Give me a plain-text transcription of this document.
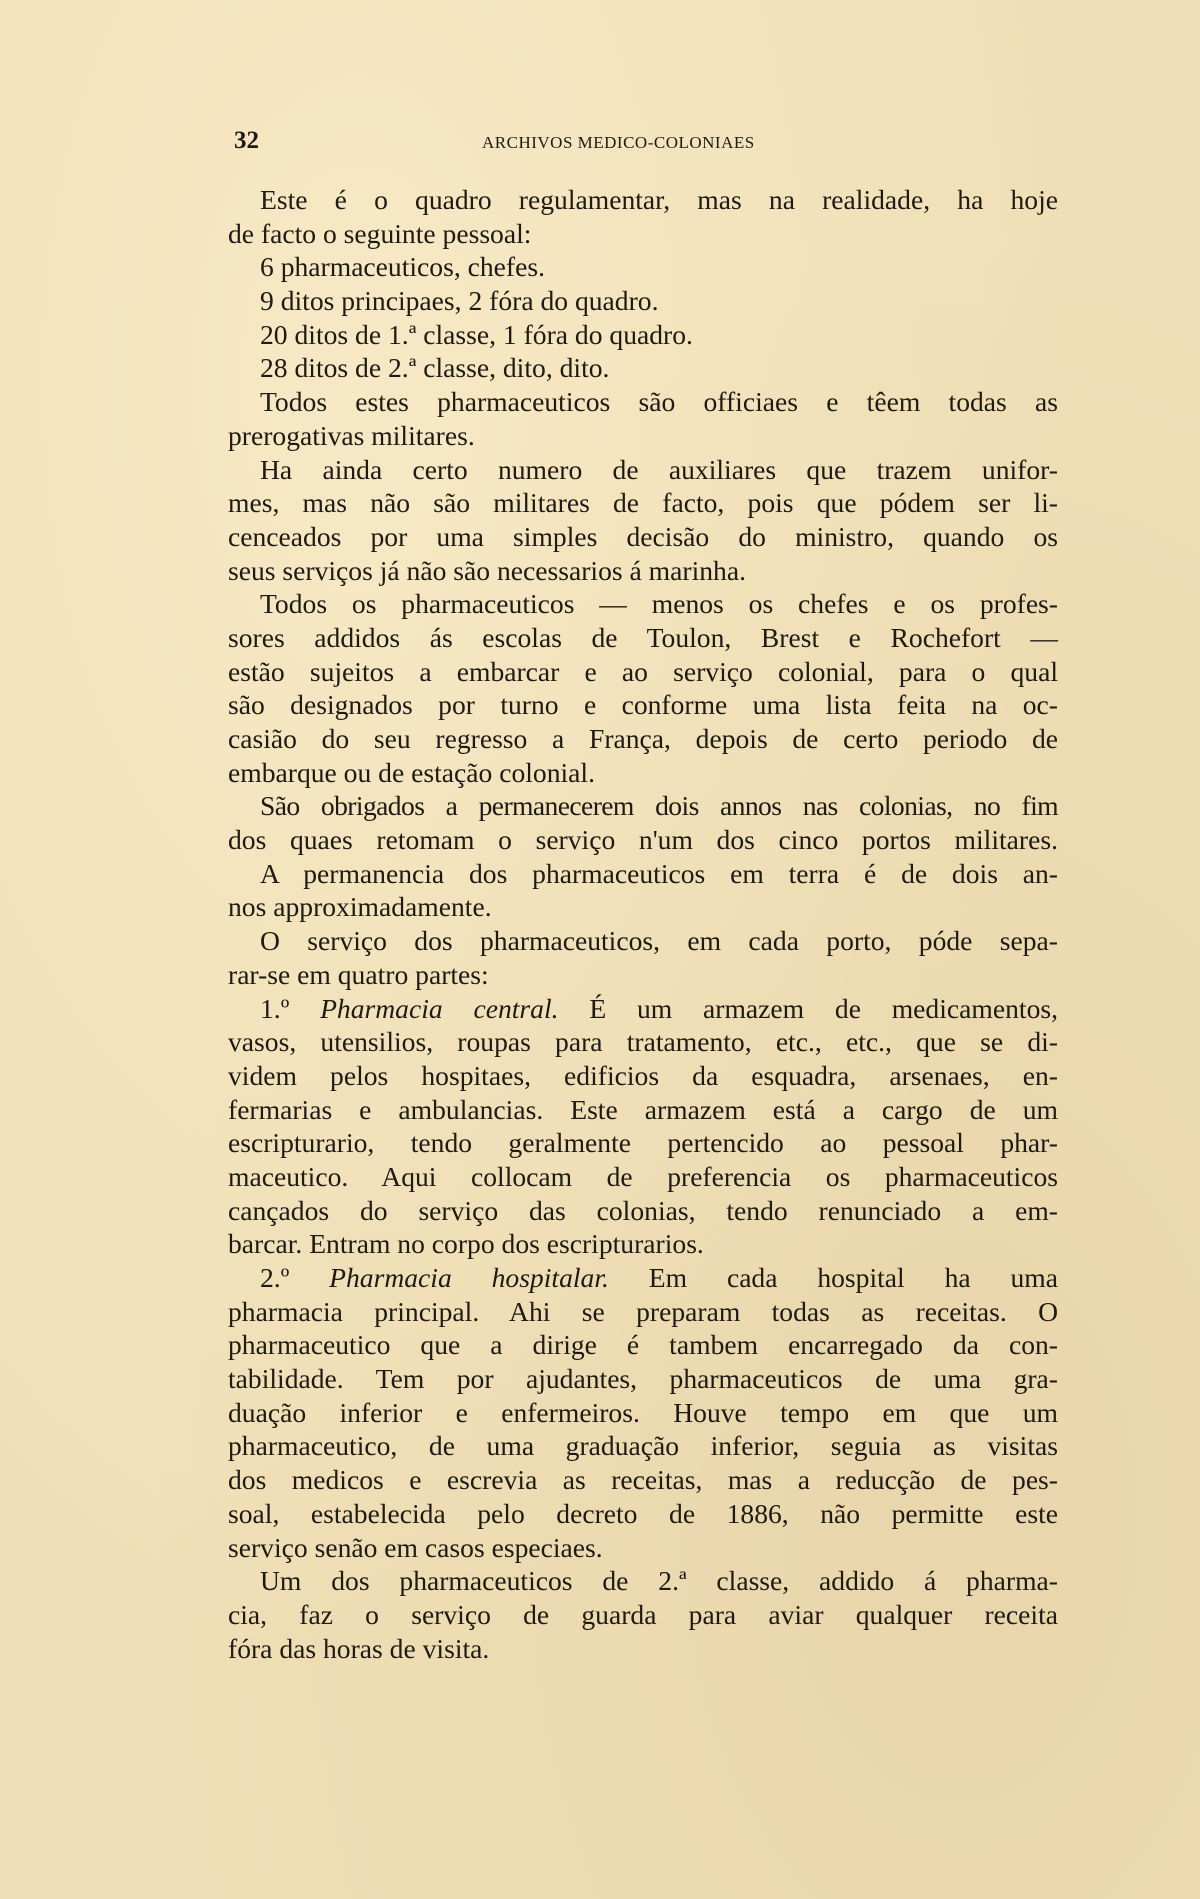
32	ARCHIVOS MEDICO-COLONIAES
Este é o quadro regulamentar, mas na realidade, ha hoje
de facto o seguinte pessoal:
6 pharmaceuticos, chefes.
9 ditos principaes, 2 fóra do quadro.
20 ditos de 1.ª classe, 1 fóra do quadro.
28 ditos de 2.ª classe, dito, dito.
Todos estes pharmaceuticos são officiaes e têem todas as
prerogativas militares.
Ha ainda certo numero de auxiliares que trazem unifor-
mes, mas não são militares de facto, pois que pódem ser li-
cenceados por uma simples decisão do ministro, quando os
seus serviços já não são necessarios á marinha.
Todos os pharmaceuticos — menos os chefes e os profes-
sores addidos ás escolas de Toulon, Brest e Rochefort —
estão sujeitos a embarcar e ao serviço colonial, para o qual
são designados por turno e conforme uma lista feita na oc-
casião do seu regresso a França, depois de certo periodo de
embarque ou de estação colonial.
São obrigados a permanecerem dois annos nas colonias, no fim
dos quaes retomam o serviço n'um dos cinco portos militares.
A permanencia dos pharmaceuticos em terra é de dois an-
nos approximadamente.
O serviço dos pharmaceuticos, em cada porto, póde sepa-
rar-se em quatro partes:
1.º Pharmacia central. É um armazem de medicamentos,
vasos, utensilios, roupas para tratamento, etc., etc., que se di-
videm pelos hospitaes, edificios da esquadra, arsenaes, en-
fermarias e ambulancias. Este armazem está a cargo de um
escripturario, tendo geralmente pertencido ao pessoal phar-
maceutico. Aqui collocam de preferencia os pharmaceuticos
cançados do serviço das colonias, tendo renunciado a em-
barcar. Entram no corpo dos escripturarios.
2.º Pharmacia hospitalar. Em cada hospital ha uma
pharmacia principal. Ahi se preparam todas as receitas. O
pharmaceutico que a dirige é tambem encarregado da con-
tabilidade. Tem por ajudantes, pharmaceuticos de uma gra-
duação inferior e enfermeiros. Houve tempo em que um
pharmaceutico, de uma graduação inferior, seguia as visitas
dos medicos e escrevia as receitas, mas a reducção de pes-
soal, estabelecida pelo decreto de 1886, não permitte este
serviço senão em casos especiaes.
Um dos pharmaceuticos de 2.ª classe, addido á pharma-
cia, faz o serviço de guarda para aviar qualquer receita
fóra das horas de visita.
